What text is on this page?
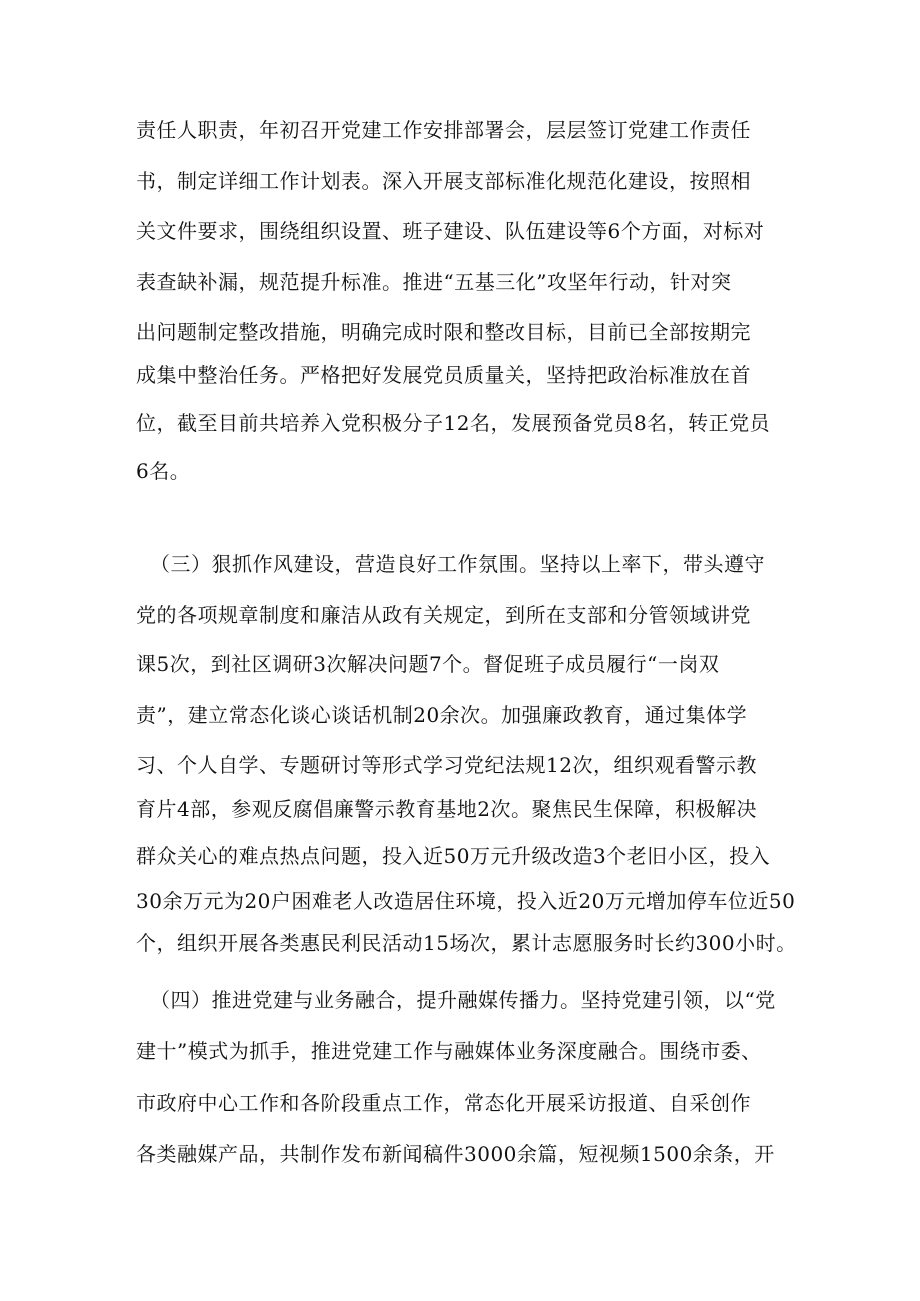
责任人职责，年初召开党建工作安排部署会，层层签订党建工作责任
书，制定详细工作计划表。深入开展支部标准化规范化建设，按照相
关文件要求，围绕组织设置、班子建设、队伍建设等6个方面，对标对
表查缺补漏，规范提升标准。推进“五基三化”攻坚年行动，针对突
出问题制定整改措施，明确完成时限和整改目标，目前已全部按期完
成集中整治任务。严格把好发展党员质量关，坚持把政治标准放在首
位，截至目前共培养入党积极分子12名，发展预备党员8名，转正党员
6名。
（三）狠抓作风建设，营造良好工作氛围。坚持以上率下，带头遵守
党的各项规章制度和廉洁从政有关规定，到所在支部和分管领域讲党
课5次，到社区调研3次解决问题7个。督促班子成员履行“一岗双
责”，建立常态化谈心谈话机制20余次。加强廉政教育，通过集体学
习、个人自学、专题研讨等形式学习党纪法规12次，组织观看警示教
育片4部，参观反腐倡廉警示教育基地2次。聚焦民生保障，积极解决
群众关心的难点热点问题，投入近50万元升级改造3个老旧小区，投入
30余万元为20户困难老人改造居住环境，投入近20万元增加停车位近50
个，组织开展各类惠民利民活动15场次，累计志愿服务时长约300小时。
（四）推进党建与业务融合，提升融媒传播力。坚持党建引领，以“党
建十”模式为抓手，推进党建工作与融媒体业务深度融合。围绕市委、
市政府中心工作和各阶段重点工作，常态化开展采访报道、自采创作
各类融媒产品，共制作发布新闻稿件3000余篇，短视频1500余条，开
